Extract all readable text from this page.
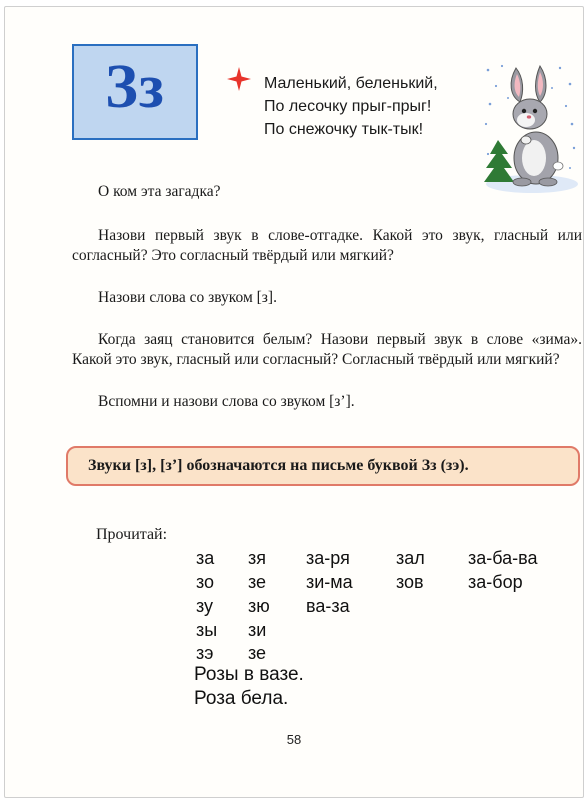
Зз	Маленький, беленький,
По лесочку прыг-прыг!
По снежочку тык-тык!
О ком эта загадка?
Назови первый звук в слове-отгадке. Какой это звук, гласный или согласный? Это согласный твёрдый или мягкий?
Назови слова со звуком [з].
Когда заяц становится белым? Назови первый звук в слове «зима». Какой это звук, гласный или согласный? Согласный твёрдый или мягкий?
Вспомни и назови слова со звуком [з’].
Звуки [з], [з’] обозначаются на письме буквой Зз (зэ).
Прочитай:
за
зо
зу
зы
зэ
зя
зе
зю
зи
зе
за-ря
зи-ма
ва-за
зал
зов
за-ба-ва
за-бор
Розы в вазе.
Роза бела.
58
